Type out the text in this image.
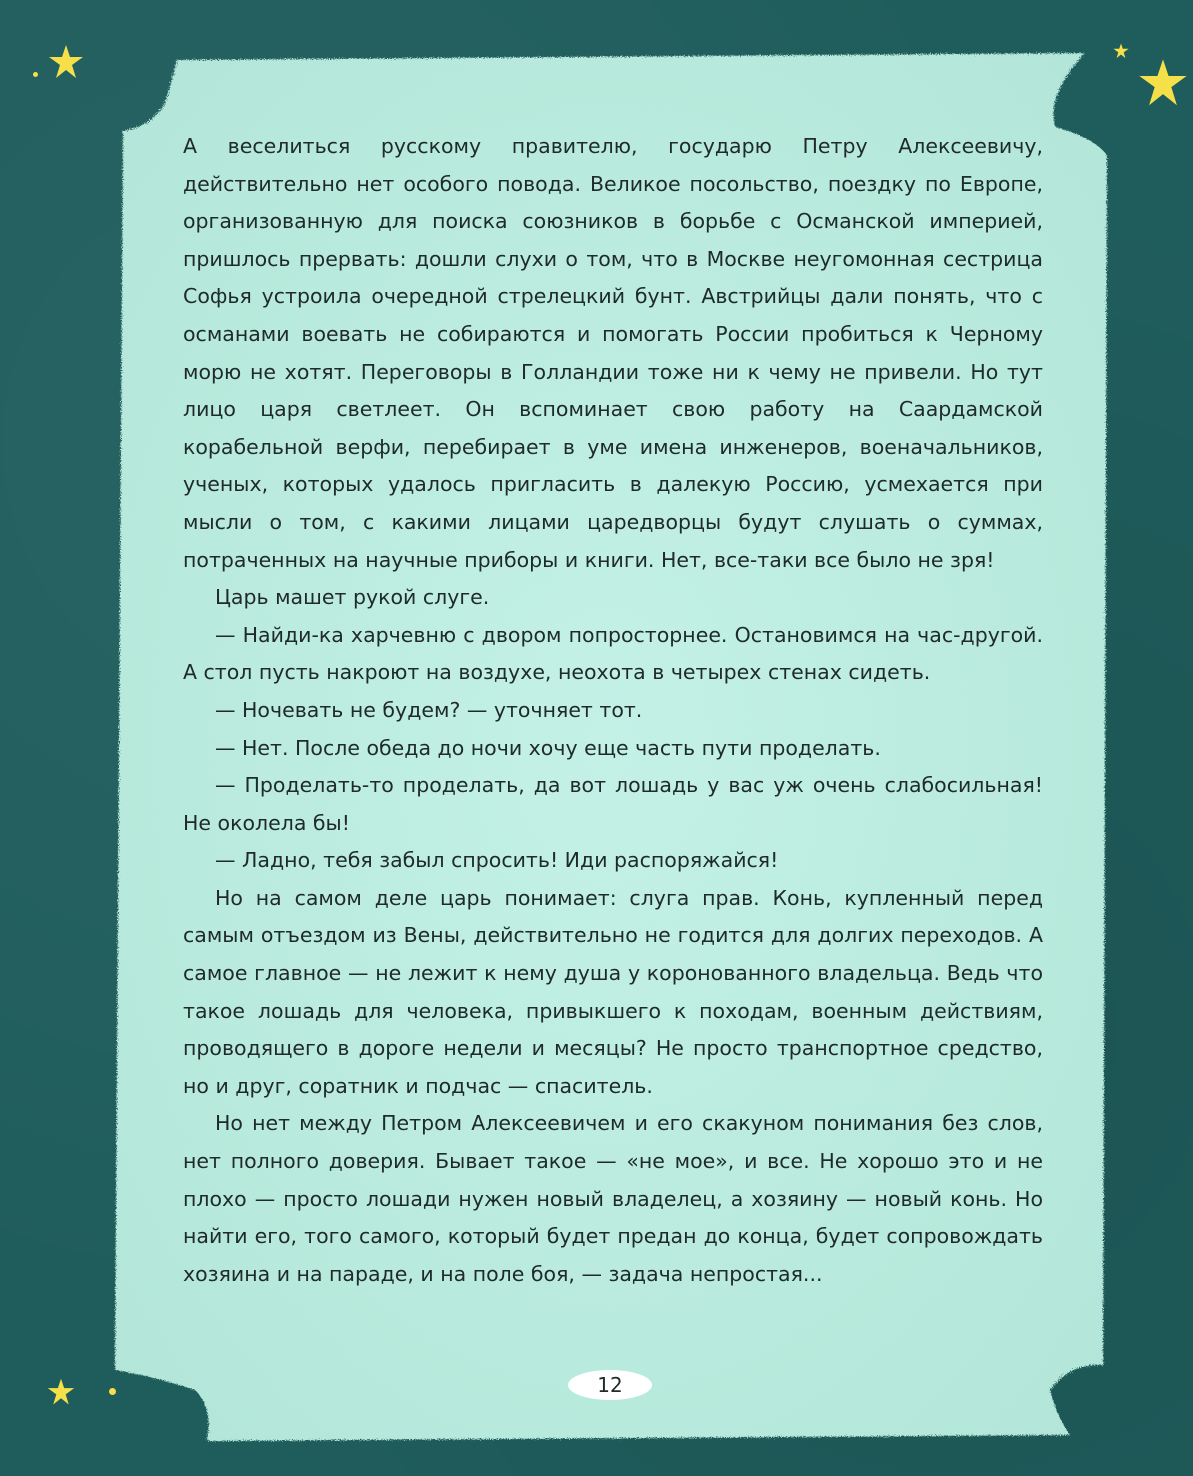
А веселиться русскому правителю, государю Петру Алексеевичу, действительно нет особого повода. Великое посольство, поездку по Европе, организованную для поиска союзников в борьбе с Османской империей, пришлось прервать: дошли слухи о том, что в Москве неугомонная сестрица Софья устроила очередной стрелецкий бунт. Австрийцы дали понять, что с османами воевать не собираются и помогать России пробиться к Черному морю не хотят. Переговоры в Голландии тоже ни к чему не привели. Но тут лицо царя светлеет. Он вспоминает свою работу на Саардамской корабельной верфи, перебирает в уме имена инженеров, военачальников, ученых, которых удалось пригласить в далекую Россию, усмехается при мысли о том, с какими лицами царедворцы будут слушать о суммах, потраченных на научные приборы и книги. Нет, все-таки все было не зря!

Царь машет рукой слуге.

— Найди-ка харчевню с двором попросторнее. Остановимся на час-другой. А стол пусть накроют на воздухе, неохота в четырех стенах сидеть.

— Ночевать не будем? — уточняет тот.

— Нет. После обеда до ночи хочу еще часть пути проделать.

— Проделать-то проделать, да вот лошадь у вас уж очень слабосильная! Не околела бы!

— Ладно, тебя забыл спросить! Иди распоряжайся!

Но на самом деле царь понимает: слуга прав. Конь, купленный перед самым отъездом из Вены, действительно не годится для долгих переходов. А самое главное — не лежит к нему душа у коронованного владельца. Ведь что такое лошадь для человека, привыкшего к походам, военным действиям, проводящего в дороге недели и месяцы? Не просто транспортное средство, но и друг, соратник и подчас — спаситель.

Но нет между Петром Алексеевичем и его скакуном понимания без слов, нет полного доверия. Бывает такое — «не мое», и все. Не хорошо это и не плохо — просто лошади нужен новый владелец, а хозяину — новый конь. Но найти его, того самого, который будет предан до конца, будет сопровождать хозяина и на параде, и на поле боя, — задача непростая...

12
